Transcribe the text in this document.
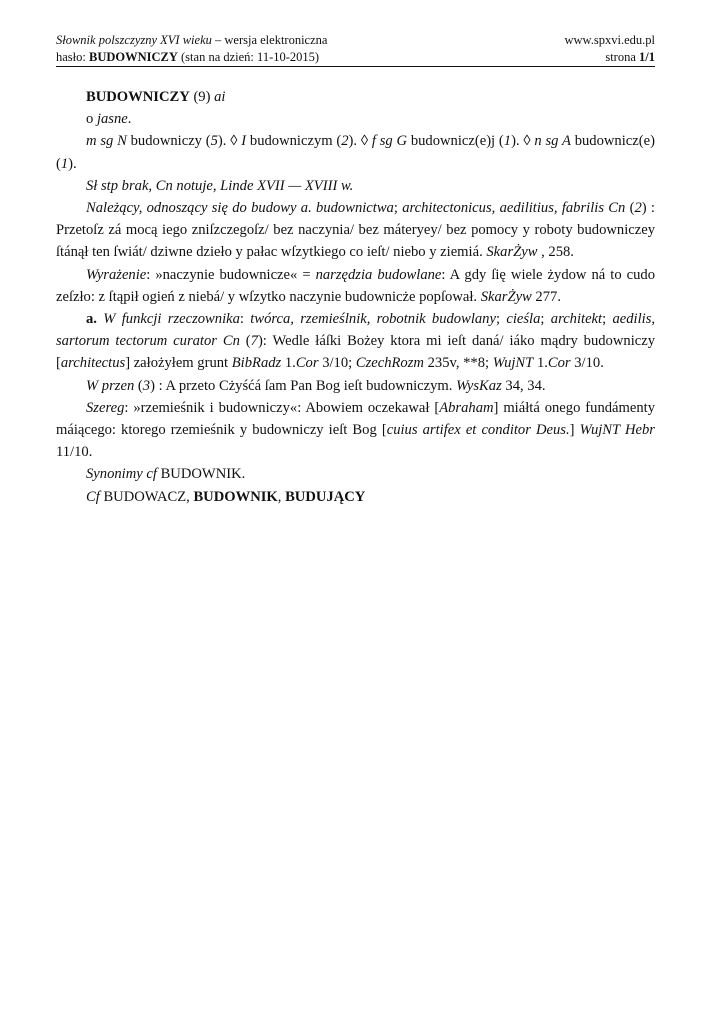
Słownik polszczyzny XVI wieku – wersja elektroniczna	www.spxvi.edu.pl
hasło: BUDOWNICZY (stan na dzień: 11-10-2015)	strona 1/1

BUDOWNICZY (9) ai

o jasne.

m sg N budowniczy (5). ◊ I budowniczym (2). ◊ f sg G budownicz(e)j (1). ◊ n sg A budownicz(e) (1).

Sł stp brak, Cn notuje, Linde XVII — XVIII w.

Należący, odnoszący się do budowy a. budownictwa; architectonicus, aedilitius, fabrilis Cn (2) : Przetoſz zá mocą iego zniſzczegoſz/ bez naczynia/ bez máteryey/ bez pomocy y roboty budowniczey ſtánął ten ſwiát/ dziwne dzieło y pałac wſzytkiego co ieſt/ niebo y ziemiá. SkarŻyw , 258.

Wyrażenie: »naczynie budownicze« = narzędzia budowlane: A gdy ſię wiele żydow ná to cudo zeſzło: z ſtąpił ogień z niebá/ y wſzytko naczynie budownicże popſował. SkarŻyw 277.

a. W funkcji rzeczownika: twórca, rzemieślnik, robotnik budowlany; cieśla; architekt; aedilis, sartorum tectorum curator Cn (7): Wedle łáſki Bożey ktora mi ieſt daná/ iáko mądry budowniczy [architectus] założyłem grunt BibRadz 1.Cor 3/10; CzechRozm 235v, **8; WujNT 1.Cor 3/10.

W przen (3) : A przeto Cżyśćá ſam Pan Bog ieſt budowniczym. WysKaz 34, 34.

Szereg: »rzemieśnik i budowniczy«: Abowiem oczekawał [Abraham] miáłtá onego fundámenty máiącego: ktorego rzemieśnik y budowniczy ieſt Bog [cuius artifex et conditor Deus.] WujNT Hebr 11/10.

Synonimy cf BUDOWNIK.

Cf BUDOWACZ, BUDOWNIK, BUDUJĄCY
